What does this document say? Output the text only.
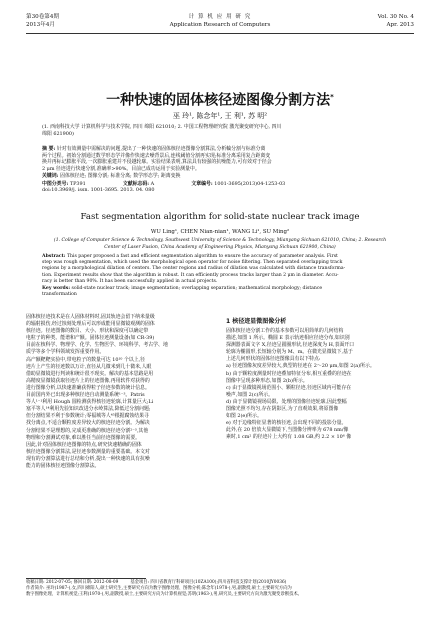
第30卷第4期
2013年4月
计 算 机 应 用 研 究
Application Research of Computers
Vol. 30 No. 4
Apr. 2013
一种快速的固体核径迹图像分割方法*
巫 玲¹, 陈念年¹, 王 利¹, 苏 明²
(1. 西南科技大学 计算机科学与技术学院, 四川 绵阳 621010; 2. 中国工程物理研究院 激光聚变研究中心, 四川
绵阳 621900)
摘 要: 针对有效测量中需解决的问题,提出了一种快速的固体核径迹图像分割算法,分析輪分割与标准分离
两个过程。初始分割通过数学形态学并像作快速去噪背景后,连线阈值分割再实现;标准分离采用复合距离变
换并再标记膨胀平段,一次膨胀重建并不侵越轮廓。实验结果表明,算法具有较强的抗噪能力,可有效对于径会
2 μm 径迹进行快速分割,准确率>90%。目前已成功运用于实验测量中。
关键词: 固体核径迹; 图像分割; 标准分离; 数学形态学; 距离变换
中图分类号: TP391	文献标志码: A	文章编号: 1001-3695(2013)04-1253-03
doi:10.3969/j. issn. 1001-3695. 2013. 04. 080
Fast segmentation algorithm for solid-state nuclear track image
WU Ling¹, CHEN Nian-nian¹, WANG Li¹, SU Ming²
(1. College of Computer Science & Technology, Southwest University of Science & Technology, Mianyang Sichuan 621010, China; 2. Research
Center of Laser Fusion, China Academy of Engineering Physics, Mianyang Sichuan 621900, China)
Abstract: This paper proposed a fast and efficient segmentation algorithm to ensure the accuracy of parameter analysis. First
step was rough segmentation, which used the morphological open operator for noise filtering. Then separated overlapping track
regions by a morphological dilation of centers. The center regions and radius of dilation was calculated with distance transforma-
tion. Experiment results show that the algorithm is robust. It can efficiently process tracks larger than 2 μm in diameter. Accu-
racy is better than 90%. It has been successfully applied in actual projects.
Key words: solid-state nuclear track; image segmentation; overlapping separation; mathematical morphology; distance
transformation
固体核径迹技术是在人固体材料时,固其轨迹会留下纳米量级
的辐射损伤,经过蚀刻处理后可以形成能用显微镜观测的固体
核径迹。径迹图像的数目、大小、形状和深度可以确定带
电粒子的种类、能谱和产额。固体径迹测量设备(如 CR-39)
目前在核科学、物理学、化学、生物医学、环境科学、考古学、地
质学等多个学科领域发挥重要作用。
高产额靶靶实验中,带电粒子的数量可达 10¹⁰ 个以上,径
迹片上产生的径迹数以万计,直径从几微米到几十微米,人眼
借助显微镜进行判读和统计很不现实。解决的基本思路是用
高精度显微镜获取径迹片上的径迹图像,再用软件对获得的
进行图像分析,以快速准确获得粒子径迹参数的统计信息。
目前国内外已出现多种核径迹自动测量系统¹⁻³。Patris
等人¹⁻¹利用 Hough 圆检测获得核径迹轮廓,计算量巨大;Li
塞平等人¹⁴利用先验知识改进分水岭算法,降低过分割问题;
但分割结果不利于参数统计;零福城等人⁴⁵根据腐蚀结果寻
找分离点,不适合颗粒度差异较大的核迹径迹分割。为解决
分割结果不是理想的,完成更准确的核迹径迹分割²⁻³,其他
物理和分割测试对象,难以胜任当前径迹图像的需要。
因此,针对固体核径迹图像的特点,研究快速精确的固体
核径迹图像分割算法,是径迹参数测量的重要基础。本文对
现有的分割算法进行总结和分析,提出一种快速的具有抗噪
能力的固体核径迹图像分割算法。
1 核径迹显微图像分析
固体核径迹分割工作的基本参数可以用简单的几何结构
描述,如图 1 所示。椭圆 E 表示轨迹相应径迹分布,如识别
探测器表面文字 X,径迹呈圆圈形状,径迹深度为 H,表面开口
轮廓为椭圆形,长短轴分别为 M、m。在微光显微镜下,基于
上述几何形状的固体径迹图像具有以下特点:
a) 径迹图像灰度差异较大,典型的径迹在 2～20 μm,如图 2(a)所示。
b) 由于颗粒度测量时径迹叠加特征分布,相互重叠的径迹在
图像中呈现多种形态,如图 2(b)所示。
c) 由于显微镜视场范围小、颗粒径迹,径迹区域内可能存在
噪声,如图 2(c)所示。
d) 由于显微镜视场局限、处理的图像径迹轮廓,因此整幅
图像光照不均匀,存在阴影区,为了直观效果,将原图像
如图 2(e)所示。
e) 对于边缘特征显著的核径迹,会出现不同的投影分量。
此外,在 20 倍放大显微镜下,当图像分辨率为 678 nm/像
素时,1 cm² 的径迹片上大约有 1.08 GB,约 2.2 × 10⁶ 像
收稿日期: 2012-07-05; 修回日期: 2012-08-09	基金项目: 四川省教育厅科研项目(10ZA100);四川省科技支撑计划(2010JY0036)
作者简介: 巫玲(1987-),女,四川绵阳人,硕士研究生,主要研究方向为数字图像处理、图像分析;陈念年(1978-),男,副教授,硕士,主要研究方向为
数字图像处理、计算机视觉;王利(1970-),男,副教授,硕士,主要研究方向为计算机视觉;苏明(1963-),男,研究员,主要研究方向为激光聚变诊断技术。
